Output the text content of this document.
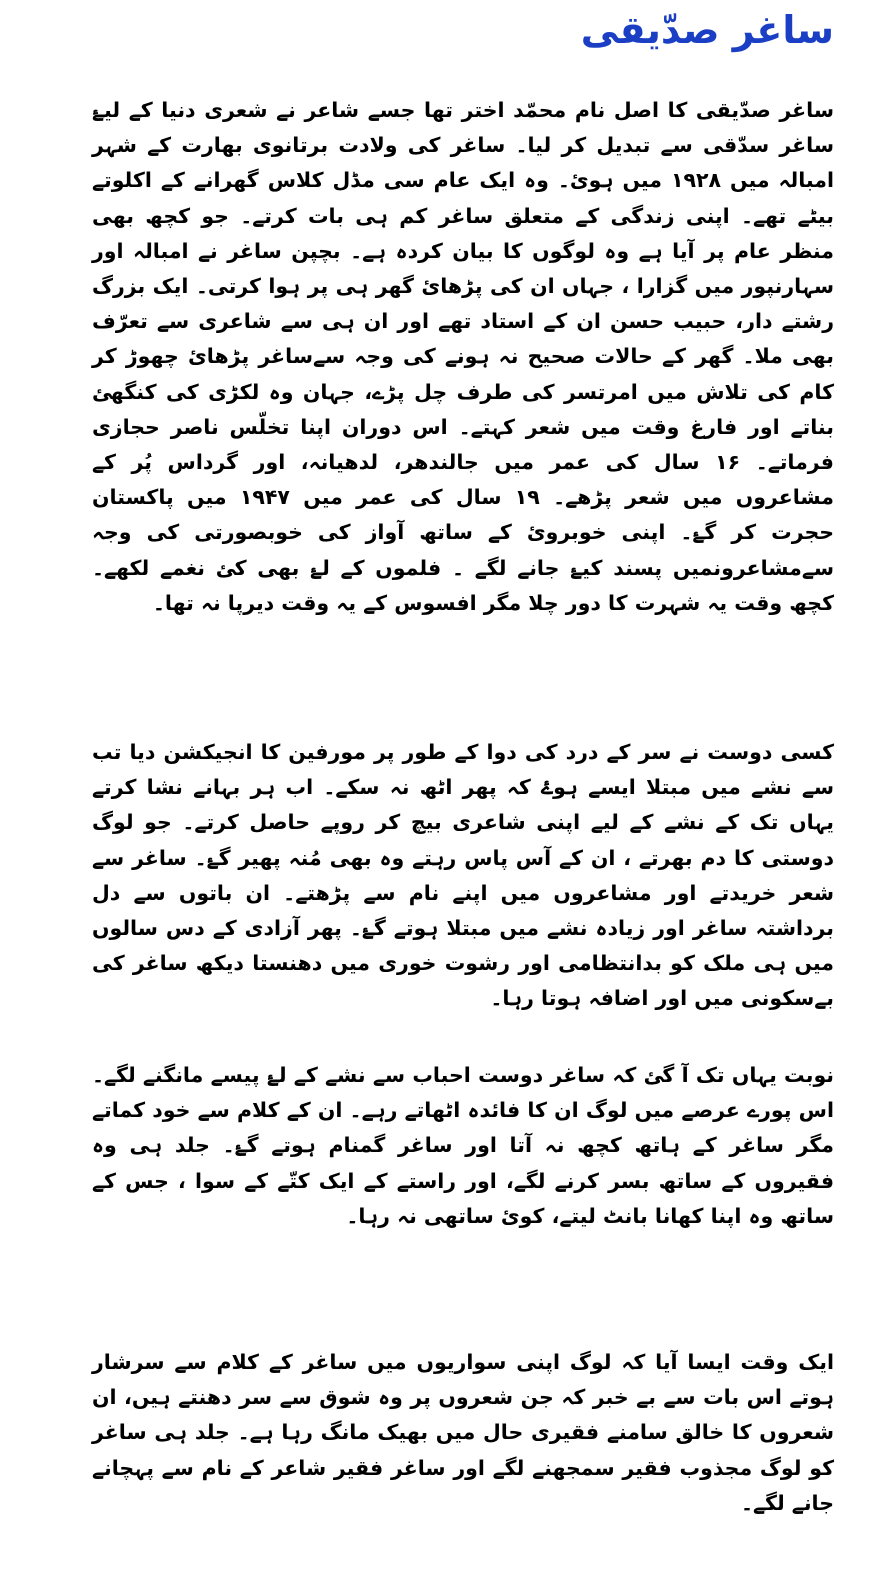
ساغر صدّیقی

ساغر صدّیقی کا اصل نام محمّد اختر تھا جسے شاعر نے شعری دنیا کے لیۓ ساغر سدّقی سے تبدیل کر لیا۔ ساغر کی ولادت برتانوی بھارت کے شہر امبالہ میں ۱۹۲۸ میں ہوئ۔ وہ ایک عام سی مڈل کلاس گھرانے کے اکلوتے بیٹے تھے۔ اپنی زندگی کے متعلق ساغر کم ہی بات کرتے۔ جو کچھ بھی منظر عام پر آیا ہے وہ لوگوں کا بیان کردہ ہے۔ بچپن ساغر نے امبالہ اور سہارنپور میں گزارا ، جہاں ان کی پڑھائ گھر ہی پر ہوا کرتی۔ ایک بزرگ رشتے دار، حبیب حسن ان کے استاد تھے اور ان ہی سے شاعری سے تعرّف بھی ملا۔ گھر کے حالات صحیح نہ ہونے کی وجہ سےساغر پڑھائ چھوڑ کر کام کی تلاش میں امرتسر کی طرف چل پڑے، جہان وہ لکڑی کی کنگھئ بناتے اور فارغ وقت میں شعر کہتے۔ اس دوران اپنا تخلّس ناصر حجازی فرماتے۔ ۱۶ سال کی عمر میں جالندھر، لدھیانہ، اور گرداس پُر کے مشاعروں میں شعر پڑھے۔ ۱۹ سال کی عمر میں ۱۹۴۷ میں پاکستان حجرت کر گۓ۔ اپنی خوبروئ کے ساتھ آواز کی خوبصورتی کی وجہ سےمشاعرونمیں پسند کیۓ جانے لگے ۔ فلموں کے لۓ بھی کئ نغمے لکھے۔ کچھ وقت یہ شہرت کا دور چلا مگر افسوس کے یہ وقت دیرپا نہ تھا۔

کسی دوست نے سر کے درد کی دوا کے طور پر مورفین کا انجیکشن دیا تب سے نشے میں مبتلا ایسے ہوۓ کہ پھر اٹھ نہ سکے۔ اب ہر بہانے نشا کرتے یہاں تک کے نشے کے لیے اپنی شاعری بیچ کر روپے حاصل کرتے۔ جو لوگ دوستی کا دم بھرتے ، ان کے آس پاس رہتے وہ بھی مُنہ پھیر گۓ۔ ساغر سے شعر خریدتے اور مشاعروں میں اپنے نام سے پڑھتے۔ ان باتوں سے دل برداشتہ ساغر اور زیادہ نشے میں مبتلا ہوتے گۓ۔ پھر آزادی کے دس سالوں میں ہی ملک کو بدانتظامی اور رشوت خوری میں دھنستا دیکھ ساغر کی بےسکونی میں اور اضافہ ہوتا رہا۔

نوبت یہاں تک آ گئ کہ ساغر دوست احباب سے نشے کے لۓ پیسے مانگنے لگے۔ اس پورے عرصے میں لوگ ان کا فائدہ اٹھاتے رہے۔ ان کے کلام سے خود کماتے مگر ساغر کے ہاتھ کچھ نہ آتا اور ساغر گمنام ہوتے گۓ۔ جلد ہی وہ فقیروں کے ساتھ بسر کرنے لگے، اور راستے کے ایک کتّے کے سوا ، جس کے ساتھ وہ اپنا کھانا بانٹ لیتے، کوئ ساتھی نہ رہا۔

ایک وقت ایسا آیا کہ لوگ اپنی سواریوں میں ساغر کے کلام سے سرشار ہوتے اس بات سے بے خبر کہ جن شعروں پر وہ شوق سے سر دھنتے ہیں، ان شعروں کا خالق سامنے فقیری حال میں بھیک مانگ رہا ہے۔ جلد ہی ساغر کو لوگ مجذوب فقیر سمجھنے لگے اور ساغر فقیر شاعر کے نام سے پہچانے جانے لگے۔
